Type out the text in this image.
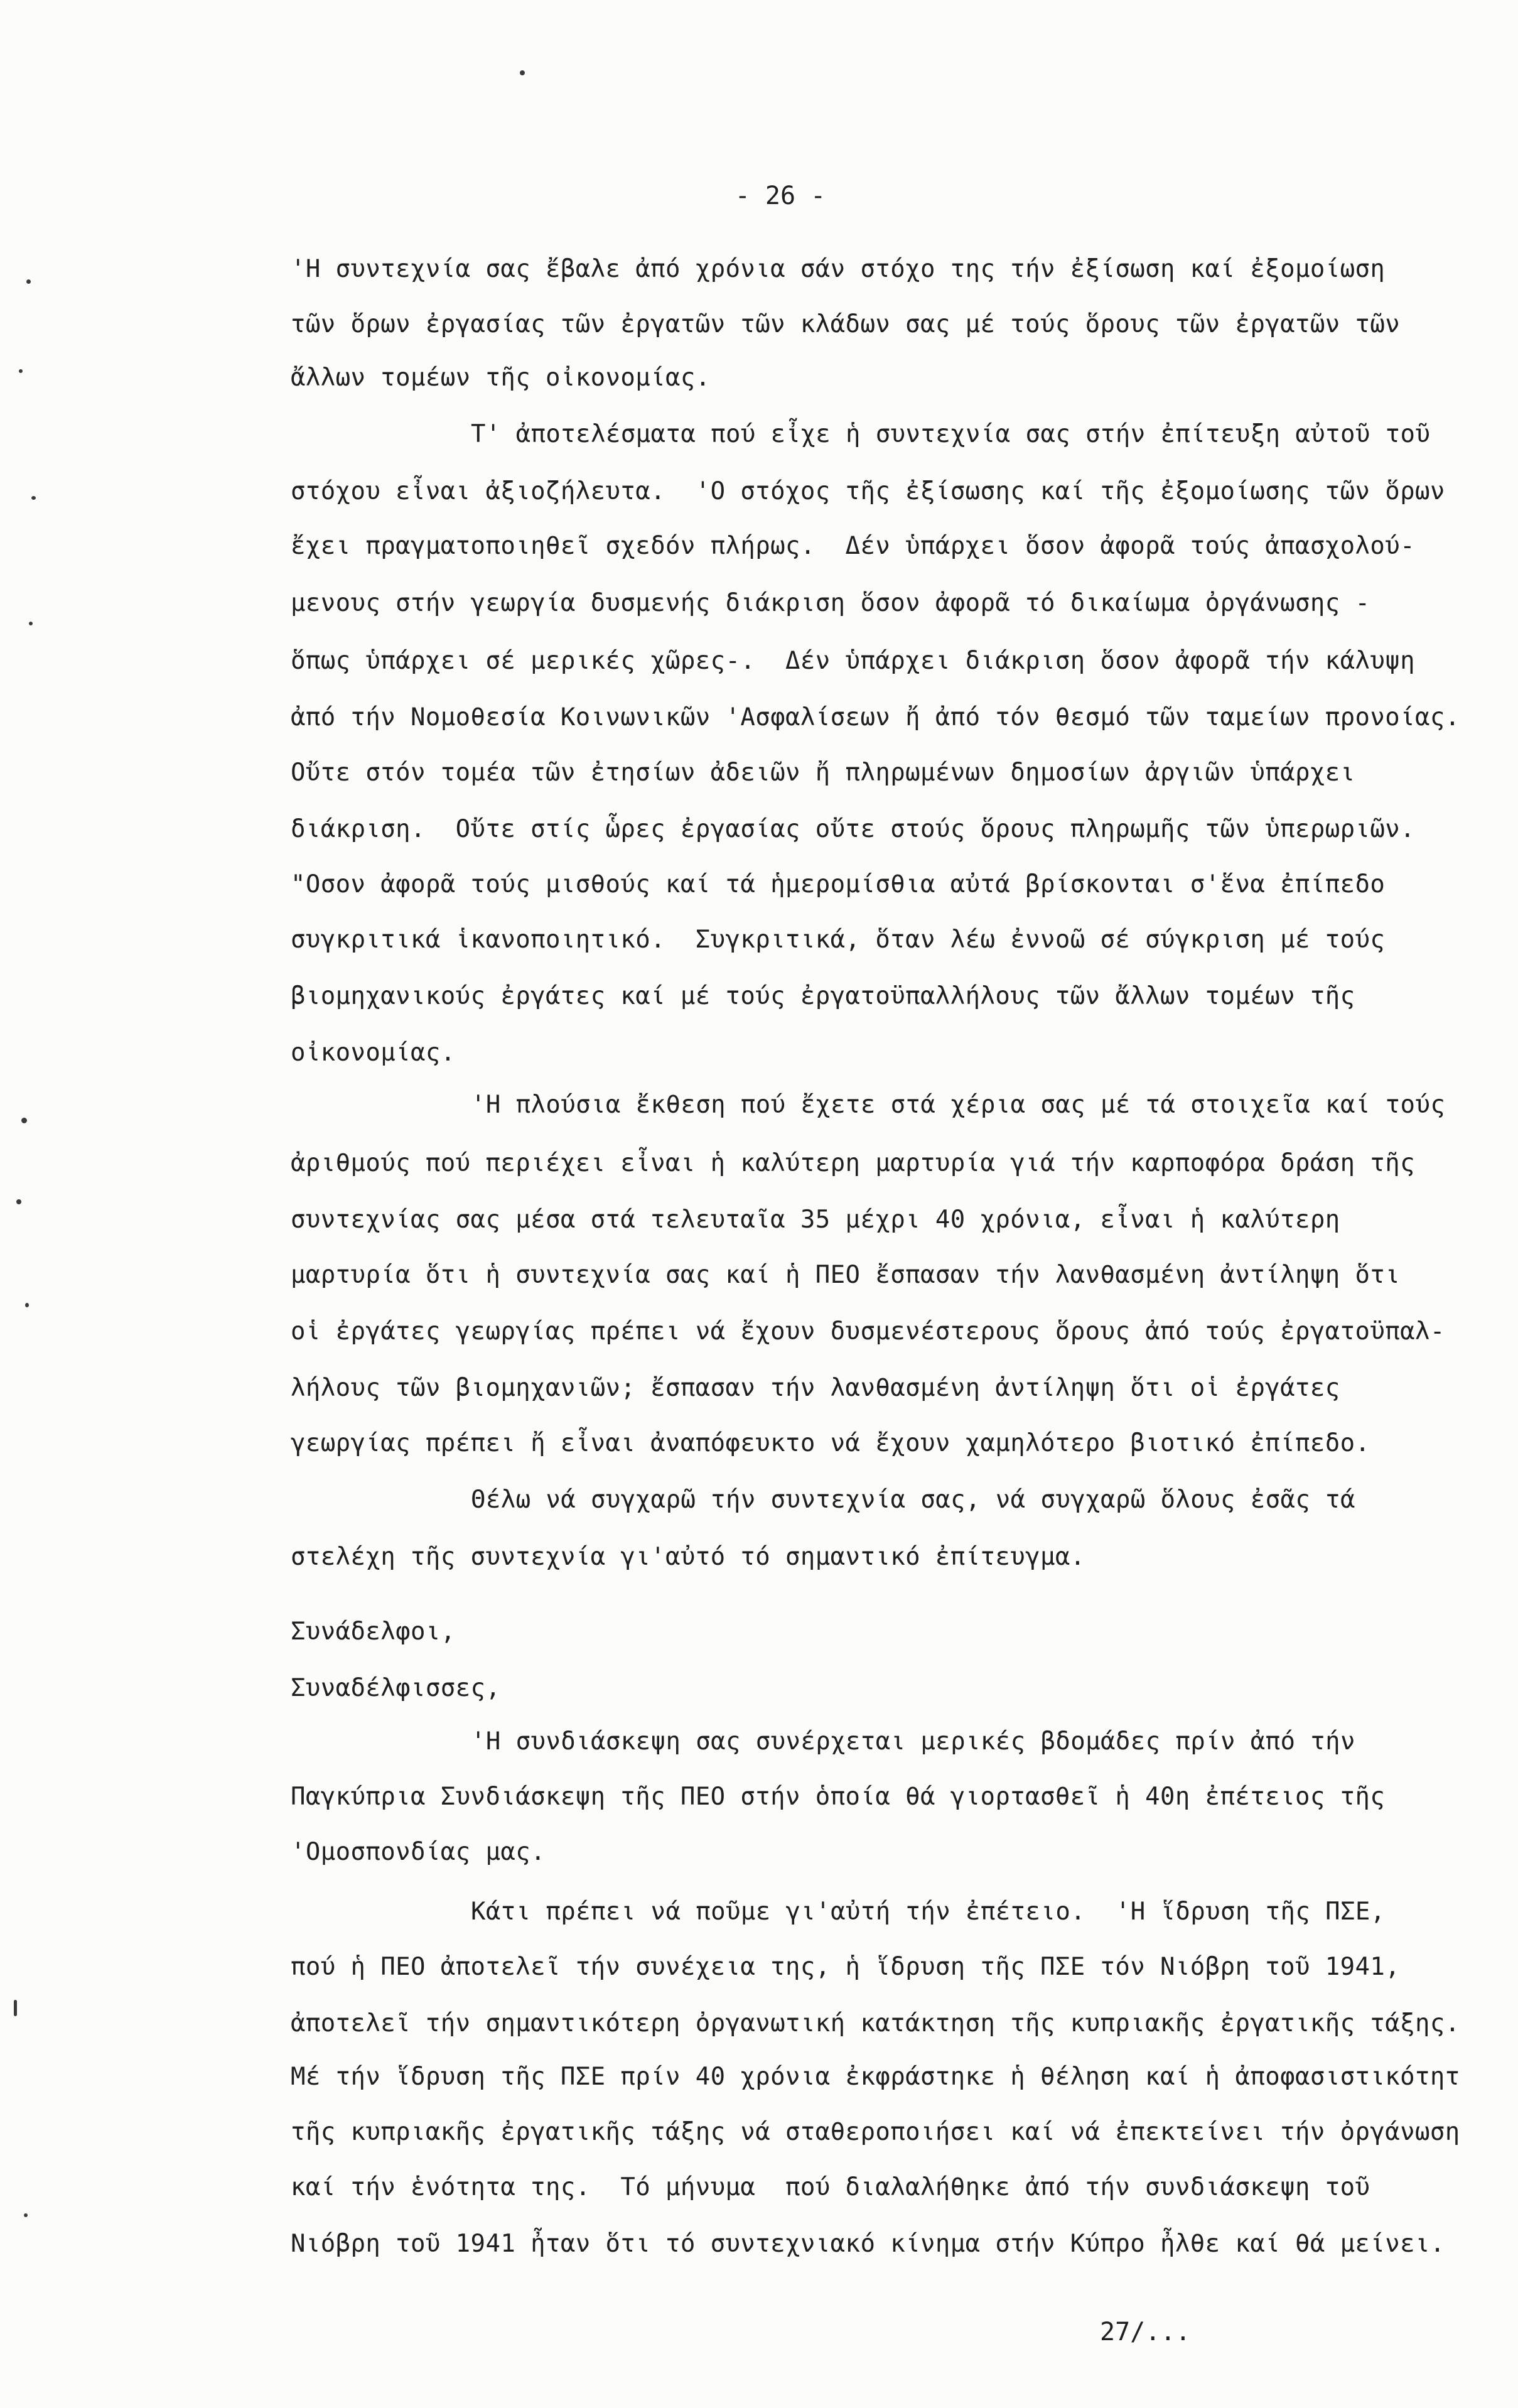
- 26 -
'Η συντεχνία σας ἔβαλε ἀπό χρόνια σάν στόχο της τήν ἐξίσωση καί ἐξομοίωση
τῶν ὅρων ἐργασίας τῶν ἐργατῶν τῶν κλάδων σας μέ τούς ὅρους τῶν ἐργατῶν τῶν
ἄλλων τομέων τῆς οἰκονομίας.
Τ' ἀποτελέσματα πού εἶχε ἡ συντεχνία σας στήν ἐπίτευξη αὐτοῦ τοῦ
στόχου εἶναι ἀξιοζήλευτα.  'Ο στόχος τῆς ἐξίσωσης καί τῆς ἐξομοίωσης τῶν ὅρων
ἔχει πραγματοποιηθεῖ σχεδόν πλήρως.  Δέν ὑπάρχει ὅσον ἀφορᾶ τούς ἀπασχολού-
μενους στήν γεωργία δυσμενής διάκριση ὅσον ἀφορᾶ τό δικαίωμα ὀργάνωσης -
ὅπως ὑπάρχει σέ μερικές χῶρες-.  Δέν ὑπάρχει διάκριση ὅσον ἀφορᾶ τήν κάλυψη
ἀπό τήν Νομοθεσία Κοινωνικῶν 'Ασφαλίσεων ἤ ἀπό τόν θεσμό τῶν ταμείων προνοίας.
Οὔτε στόν τομέα τῶν ἐτησίων ἀδειῶν ἤ πληρωμένων δημοσίων ἀργιῶν ὑπάρχει
διάκριση.  Οὔτε στίς ὧρες ἐργασίας οὔτε στούς ὅρους πληρωμῆς τῶν ὑπερωριῶν.
"Οσον ἀφορᾶ τούς μισθούς καί τά ἡμερομίσθια αὐτά βρίσκονται σ'ἕνα ἐπίπεδο
συγκριτικά ἱκανοποιητικό.  Συγκριτικά, ὅταν λέω ἐννοῶ σέ σύγκριση μέ τούς
βιομηχανικούς ἐργάτες καί μέ τούς ἐργατοϋπαλλήλους τῶν ἄλλων τομέων τῆς
οἰκονομίας.
'Η πλούσια ἔκθεση πού ἔχετε στά χέρια σας μέ τά στοιχεῖα καί τούς
ἀριθμούς πού περιέχει εἶναι ἡ καλύτερη μαρτυρία γιά τήν καρποφόρα δράση τῆς
συντεχνίας σας μέσα στά τελευταῖα 35 μέχρι 40 χρόνια, εἶναι ἡ καλύτερη
μαρτυρία ὅτι ἡ συντεχνία σας καί ἡ ΠΕΟ ἔσπασαν τήν λανθασμένη ἀντίληψη ὅτι
οἱ ἐργάτες γεωργίας πρέπει νά ἔχουν δυσμενέστερους ὅρους ἀπό τούς ἐργατοϋπαλ-
λήλους τῶν βιομηχανιῶν; ἔσπασαν τήν λανθασμένη ἀντίληψη ὅτι οἱ ἐργάτες
γεωργίας πρέπει ἤ εἶναι ἀναπόφευκτο νά ἔχουν χαμηλότερο βιοτικό ἐπίπεδο.
Θέλω νά συγχαρῶ τήν συντεχνία σας, νά συγχαρῶ ὅλους ἐσᾶς τά
στελέχη τῆς συντεχνία γι'αὐτό τό σημαντικό ἐπίτευγμα.
Συνάδελφοι,
Συναδέλφισσες,
'Η συνδιάσκεψη σας συνέρχεται μερικές βδομάδες πρίν ἀπό τήν
Παγκύπρια Συνδιάσκεψη τῆς ΠΕΟ στήν ὁποία θά γιορτασθεῖ ἡ 40η ἐπέτειος τῆς
'Ομοσπονδίας μας.
Κάτι πρέπει νά ποῦμε γι'αὐτή τήν ἐπέτειο.  'Η ἵδρυση τῆς ΠΣΕ,
πού ἡ ΠΕΟ ἀποτελεῖ τήν συνέχεια της, ἡ ἵδρυση τῆς ΠΣΕ τόν Νιόβρη τοῦ 1941,
ἀποτελεῖ τήν σημαντικότερη ὀργανωτική κατάκτηση τῆς κυπριακῆς ἐργατικῆς τάξης.
Μέ τήν ἵδρυση τῆς ΠΣΕ πρίν 40 χρόνια ἐκφράστηκε ἡ θέληση καί ἡ ἀποφασιστικότητ
τῆς κυπριακῆς ἐργατικῆς τάξης νά σταθεροποιήσει καί νά ἐπεκτείνει τήν ὀργάνωση
καί τήν ἑνότητα της.  Τό μήνυμα  πού διαλαλήθηκε ἀπό τήν συνδιάσκεψη τοῦ
Νιόβρη τοῦ 1941 ἦταν ὅτι τό συντεχνιακό κίνημα στήν Κύπρο ἦλθε καί θά μείνει.
27/...
